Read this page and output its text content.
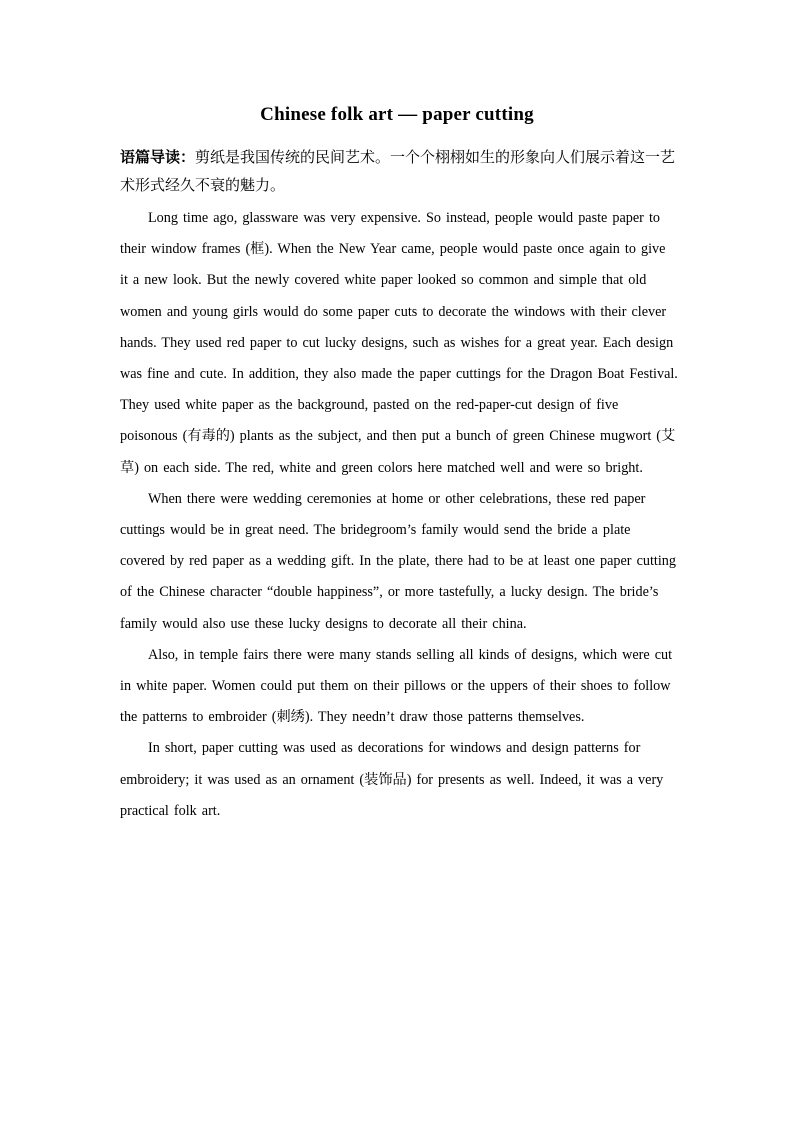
Chinese folk art — paper cutting
语篇导读：剪纸是我国传统的民间艺术。一个个栩栩如生的形象向人们展示着这一艺术形式经久不衰的魅力。

Long time ago, glassware was very expensive. So instead, people would paste paper to their window frames (框). When the New Year came, people would paste once again to give it a new look. But the newly covered white paper looked so common and simple that old women and young girls would do some paper cuts to decorate the windows with their clever hands. They used red paper to cut lucky designs, such as wishes for a great year. Each design was fine and cute. In addition, they also made the paper cuttings for the Dragon Boat Festival. They used white paper as the background, pasted on the red-paper-cut design of five poisonous (有毒的) plants as the subject, and then put a bunch of green Chinese mugwort (艾草) on each side. The red, white and green colors here matched well and were so bright.

When there were wedding ceremonies at home or other celebrations, these red paper cuttings would be in great need. The bridegroom’s family would send the bride a plate covered by red paper as a wedding gift. In the plate, there had to be at least one paper cutting of the Chinese character “double happiness”, or more tastefully, a lucky design. The bride’s family would also use these lucky designs to decorate all their china.

Also, in temple fairs there were many stands selling all kinds of designs, which were cut in white paper. Women could put them on their pillows or the uppers of their shoes to follow the patterns to embroider (刺绣). They needn’t draw those patterns themselves.

In short, paper cutting was used as decorations for windows and design patterns for embroidery; it was used as an ornament (装饰品) for presents as well. Indeed, it was a very practical folk art.
